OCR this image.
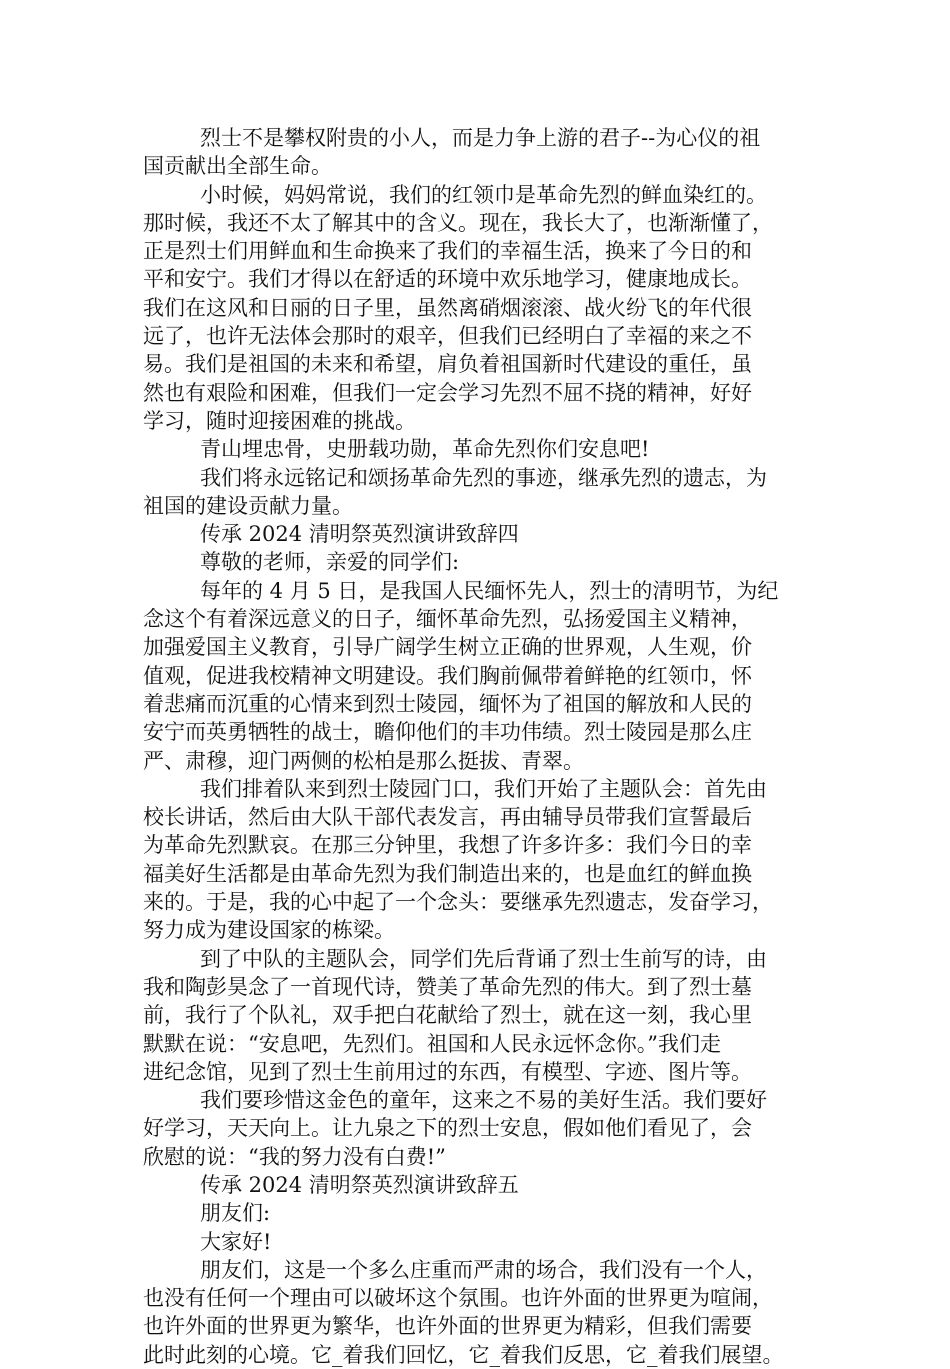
烈士不是攀权附贵的小人，而是力争上游的君子--为心仪的祖
国贡献出全部生命。
小时候，妈妈常说，我们的红领巾是革命先烈的鲜血染红的。
那时候，我还不太了解其中的含义。现在，我长大了，也渐渐懂了，
正是烈士们用鲜血和生命换来了我们的幸福生活，换来了今日的和
平和安宁。我们才得以在舒适的环境中欢乐地学习，健康地成长。
我们在这风和日丽的日子里，虽然离硝烟滚滚、战火纷飞的年代很
远了，也许无法体会那时的艰辛，但我们已经明白了幸福的来之不
易。我们是祖国的未来和希望，肩负着祖国新时代建设的重任，虽
然也有艰险和困难，但我们一定会学习先烈不屈不挠的精神，好好
学习，随时迎接困难的挑战。
青山埋忠骨，史册载功勋，革命先烈你们安息吧!
我们将永远铭记和颂扬革命先烈的事迹，继承先烈的遗志，为
祖国的建设贡献力量。
传承 2024 清明祭英烈演讲致辞四
尊敬的老师，亲爱的同学们:
每年的 4 月 5 日，是我国人民缅怀先人，烈士的清明节，为纪
念这个有着深远意义的日子，缅怀革命先烈，弘扬爱国主义精神，
加强爱国主义教育，引导广阔学生树立正确的世界观，人生观，价
值观，促进我校精神文明建设。我们胸前佩带着鲜艳的红领巾，怀
着悲痛而沉重的心情来到烈士陵园，缅怀为了祖国的解放和人民的
安宁而英勇牺牲的战士，瞻仰他们的丰功伟绩。烈士陵园是那么庄
严、肃穆，迎门两侧的松柏是那么挺拔、青翠。
我们排着队来到烈士陵园门口，我们开始了主题队会：首先由
校长讲话，然后由大队干部代表发言，再由辅导员带我们宣誓最后
为革命先烈默哀。在那三分钟里，我想了许多许多：我们今日的幸
福美好生活都是由革命先烈为我们制造出来的，也是血红的鲜血换
来的。于是，我的心中起了一个念头：要继承先烈遗志，发奋学习，
努力成为建设国家的栋梁。
到了中队的主题队会，同学们先后背诵了烈士生前写的诗，由
我和陶彭昊念了一首现代诗，赞美了革命先烈的伟大。到了烈士墓
前，我行了个队礼，双手把白花献给了烈士，就在这一刻，我心里
默默在说：“安息吧，先烈们。祖国和人民永远怀念你。”我们走
进纪念馆，见到了烈士生前用过的东西，有模型、字迹、图片等。
我们要珍惜这金色的童年，这来之不易的美好生活。我们要好
好学习，天天向上。让九泉之下的烈士安息，假如他们看见了，会
欣慰的说：“我的努力没有白费!”
传承 2024 清明祭英烈演讲致辞五
朋友们:
大家好!
朋友们，这是一个多么庄重而严肃的场合，我们没有一个人，
也没有任何一个理由可以破坏这个氛围。也许外面的世界更为喧闹，
也许外面的世界更为繁华，也许外面的世界更为精彩，但我们需要
此时此刻的心境。它_着我们回忆，它_着我们反思，它_着我们展望。
